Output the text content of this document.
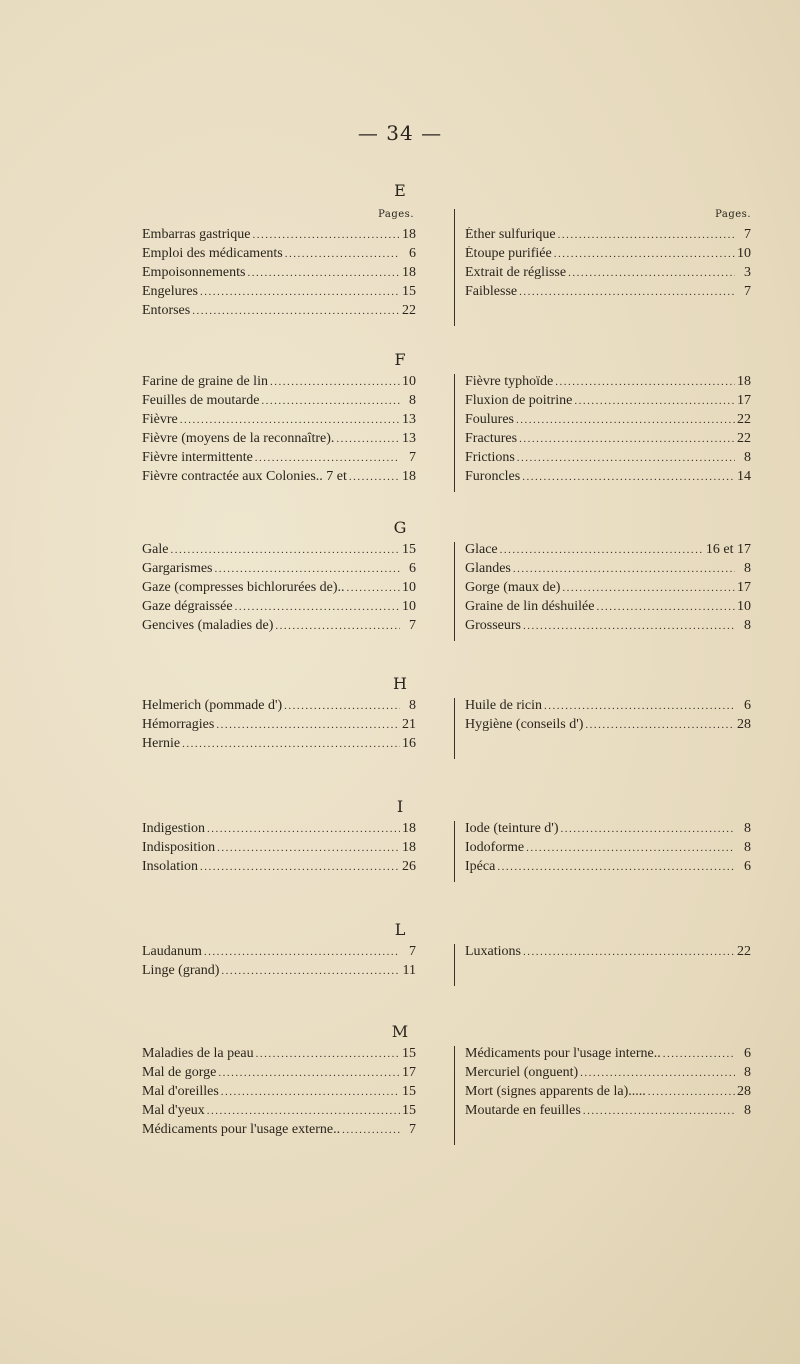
— 34 —
E
Pages.
Embarras gastrique .....	18
Emploi des médicaments .....	6
Empoisonnements .....	18
Engelures .....	15
Entorses .....	22
Pages.
Éther sulfurique .....	7
Étoupe purifiée .....	10
Extrait de réglisse .....	3
Faiblesse .....	7
F
Farine de graine de lin .....	10
Feuilles de moutarde .....	8
Fièvre .....	13
Fièvre (moyens de la reconnaître). .....	13
Fièvre intermittente .....	7
Fièvre contractée aux Colonies.. 7 et .....	18
Fièvre typhoïde .....	18
Fluxion de poitrine .....	17
Foulures .....	22
Fractures .....	22
Frictions .....	8
Furoncles .....	14
G
Gale .....	15
Gargarismes .....	6
Gaze (compresses bichlorurées de).. .....	10
Gaze dégraissée .....	10
Gencives (maladies de) .....	7
Glace .....	16 et 17
Glandes .....	8
Gorge (maux de) .....	17
Graine de lin déshuilée .....	10
Grosseurs .....	8
H
Helmerich (pommade d') .....	8
Hémorragies .....	21
Hernie .....	16
Huile de ricin .....	6
Hygiène (conseils d') .....	28
I
Indigestion .....	18
Indisposition .....	18
Insolation .....	26
Iode (teinture d') .....	8
Iodoforme .....	8
Ipéca .....	6
L
Laudanum .....	7
Linge (grand) .....	11
Luxations .....	22
M
Maladies de la peau .....	15
Mal de gorge .....	17
Mal d'oreilles .....	15
Mal d'yeux .....	15
Médicaments pour l'usage externe.. .....	7
Médicaments pour l'usage interne.. .....	6
Mercuriel (onguent) .....	8
Mort (signes apparents de la)..... .....	28
Moutarde en feuilles .....	8
